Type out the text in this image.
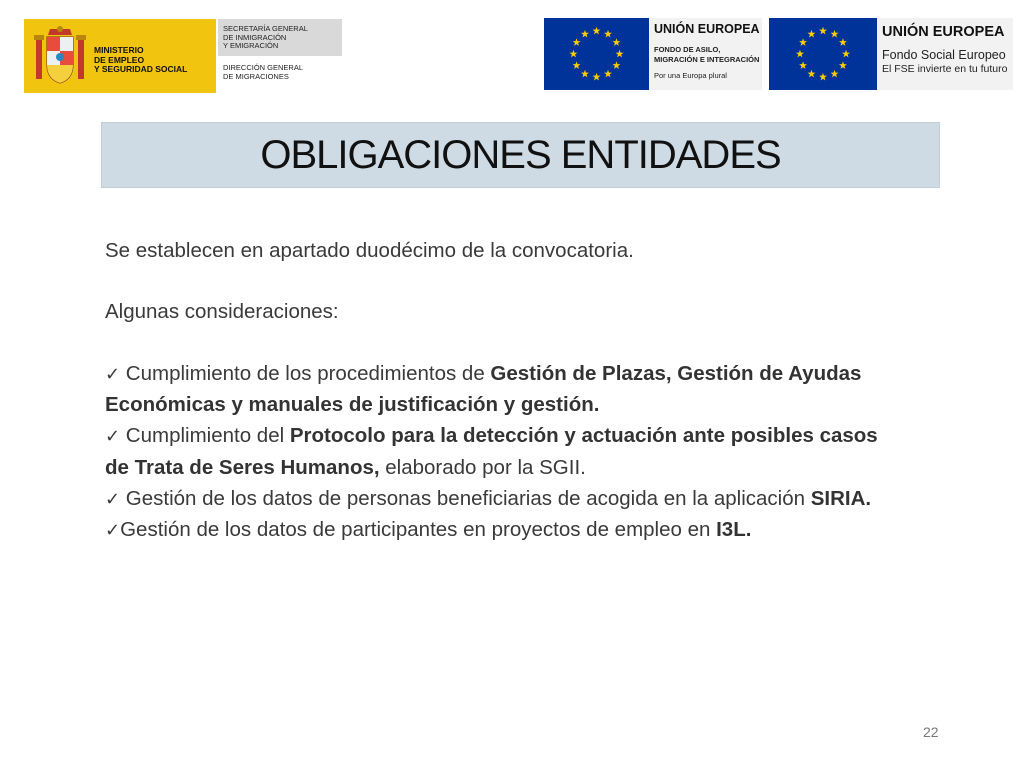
MINISTERIO
DE EMPLEO
Y SEGURIDAD SOCIAL
SECRETARÍA GENERAL
DE INMIGRACIÓN
Y EMIGRACIÓN
DIRECCIÓN GENERAL
DE MIGRACIONES
UNIÓN EUROPEA
FONDO DE ASILO,
MIGRACIÓN E INTEGRACIÓN
Por una Europa plural
UNIÓN EUROPEA
Fondo Social Europeo
El FSE invierte en tu futuro
OBLIGACIONES ENTIDADES

Se establecen en apartado duodécimo de la convocatoria.

Algunas consideraciones:

✓ Cumplimiento de los procedimientos de Gestión de Plazas, Gestión de Ayudas Económicas y manuales de justificación y gestión.

✓ Cumplimiento del Protocolo para la detección y actuación ante posibles casos de Trata de Seres Humanos, elaborado por la SGII.

✓ Gestión de los datos de personas beneficiarias de acogida en la aplicación SIRIA.

✓Gestión de los datos de participantes en proyectos de empleo en I3L.

22
